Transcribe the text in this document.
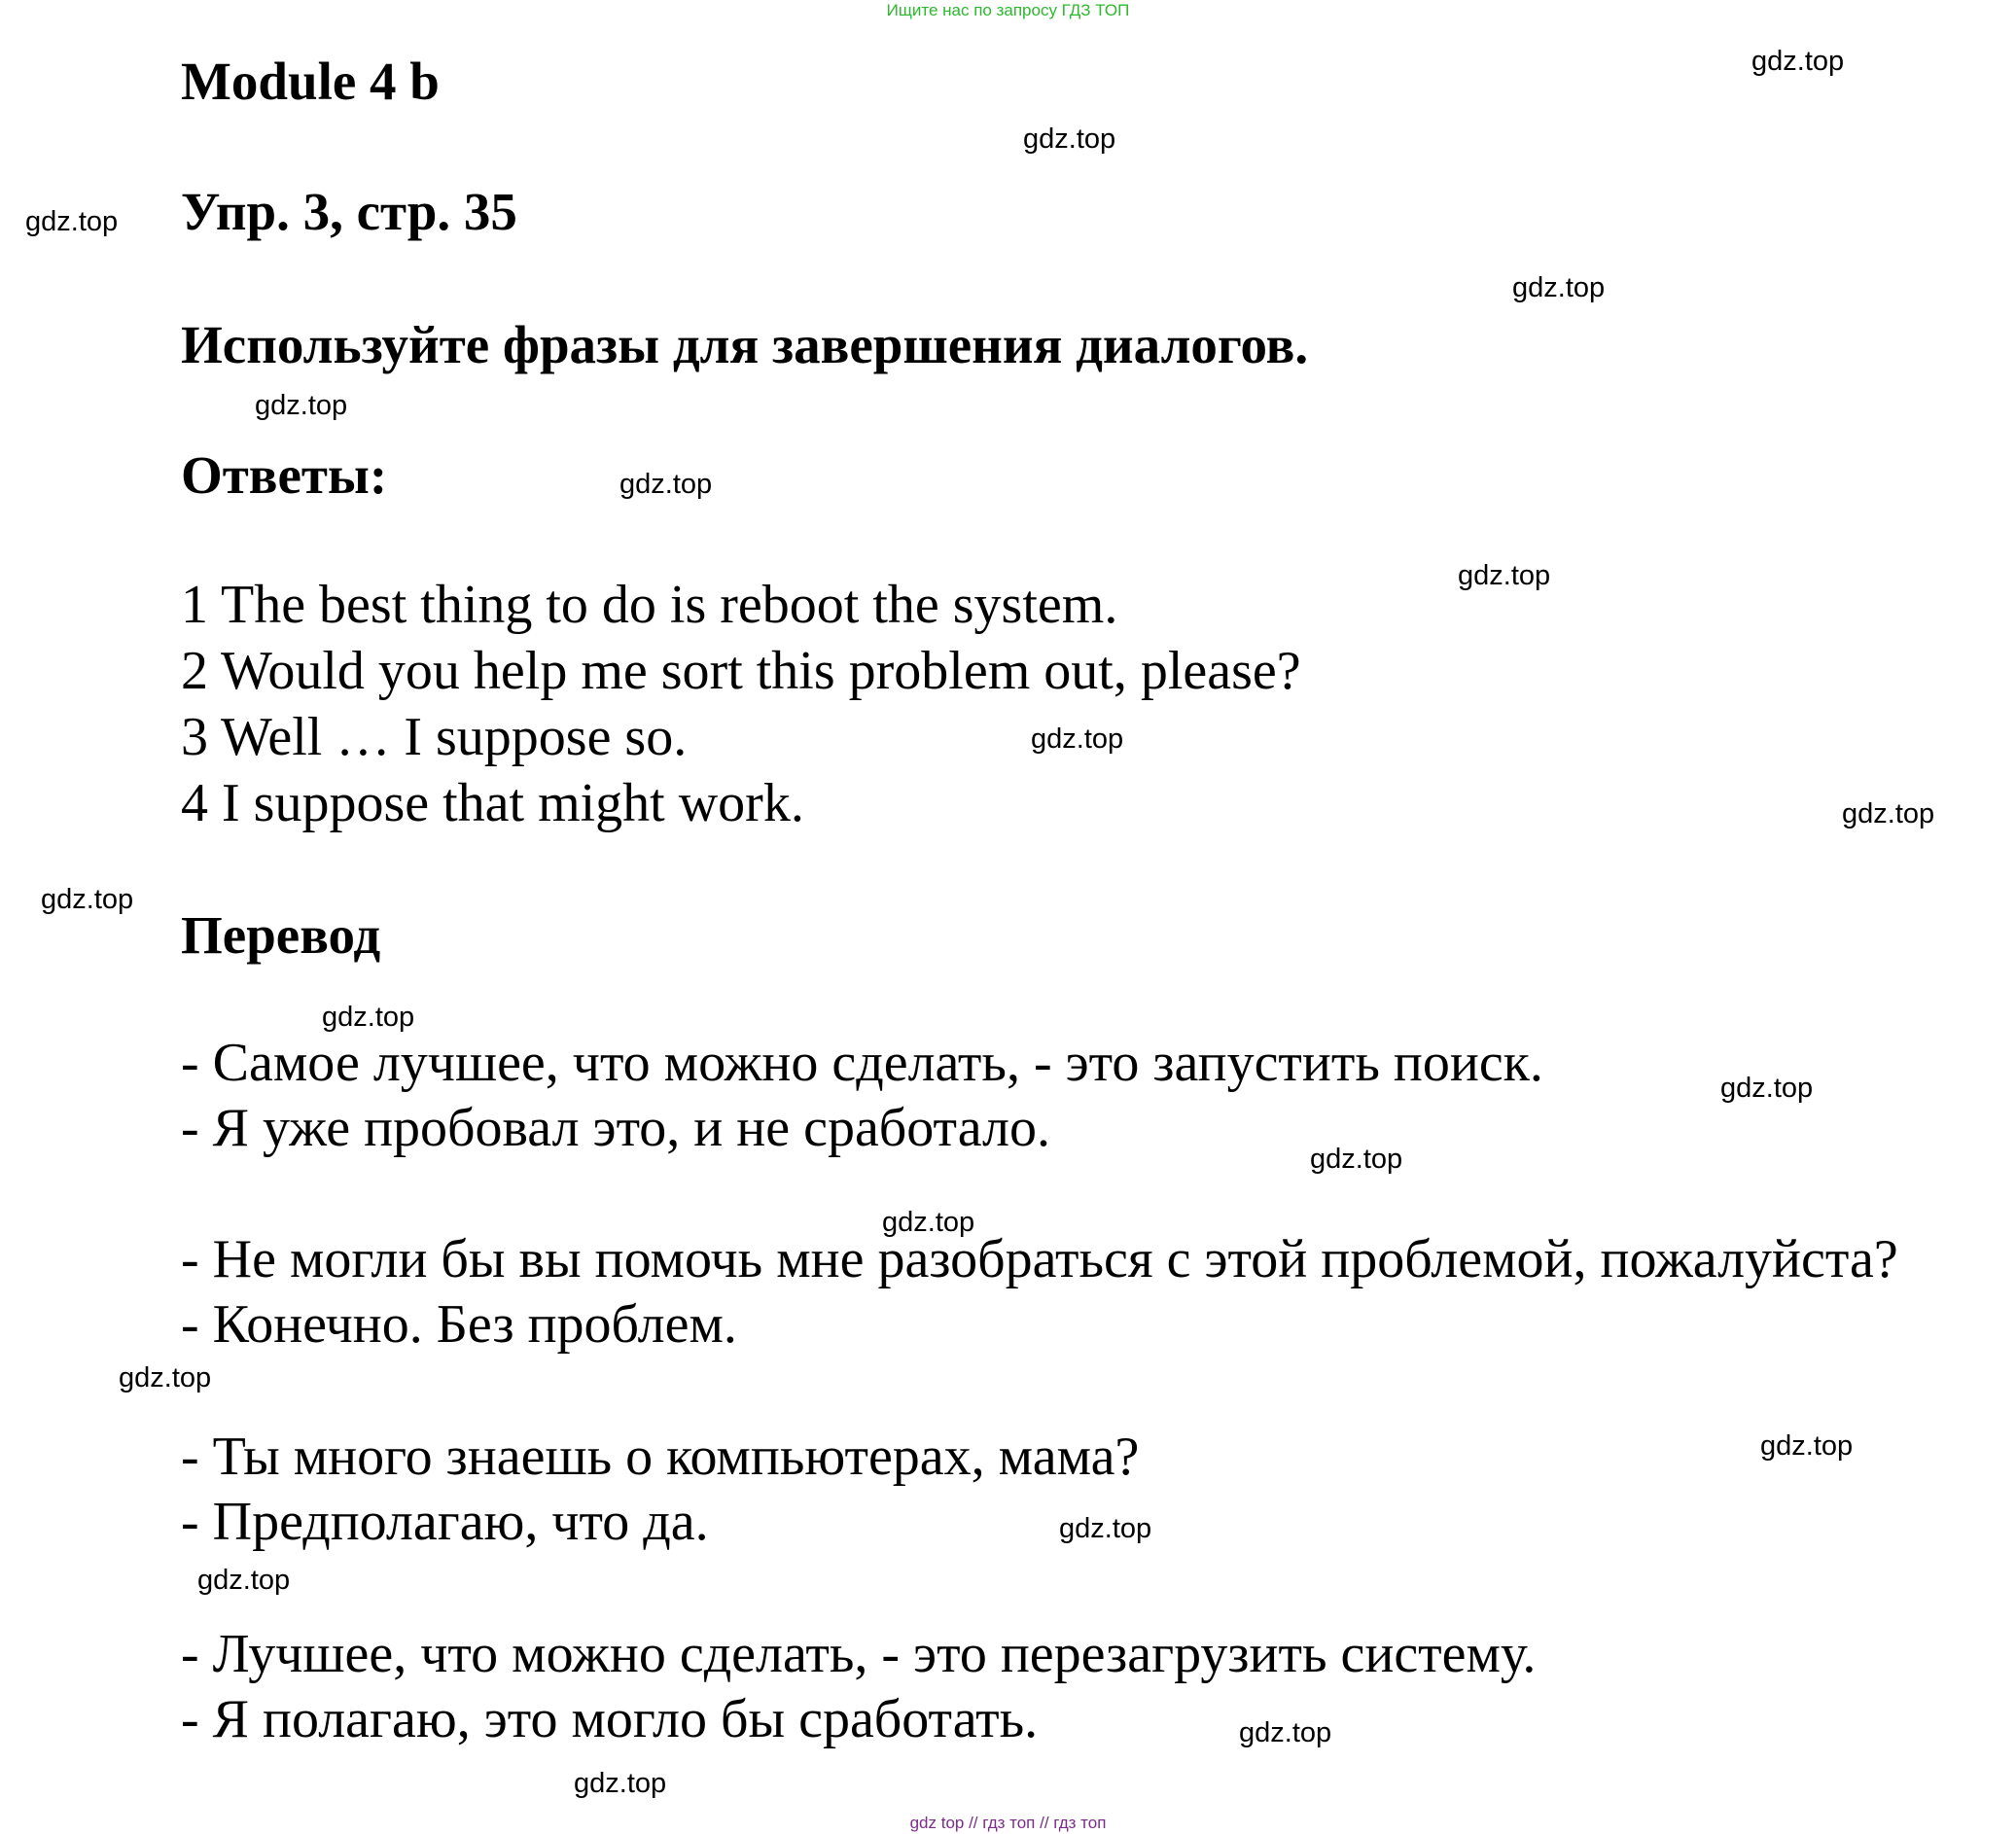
Ищите нас по запросу ГДЗ ТОП
Module 4 b
Упр. 3, стр. 35
Используйте фразы для завершения диалогов.
Ответы:
1 The best thing to do is reboot the system.
2 Would you help me sort this problem out, please?
3 Well … I suppose so.
4 I suppose that might work.
Перевод
- Самое лучшее, что можно сделать, - это запустить поиск.
- Я уже пробовал это, и не сработало.
- Не могли бы вы помочь мне разобраться с этой проблемой, пожалуйста?
- Конечно. Без проблем.
- Ты много знаешь о компьютерах, мама?
- Предполагаю, что да.
- Лучшее, что можно сделать, - это перезагрузить систему.
- Я полагаю, это могло бы сработать.
gdz.top
gdz.top
gdz.top
gdz.top
gdz.top
gdz.top
gdz.top
gdz.top
gdz.top
gdz.top
gdz.top
gdz.top
gdz.top
gdz.top
gdz.top
gdz.top
gdz.top
gdz.top
gdz.top
gdz.top
gdz top // гдз топ // гдз топ
